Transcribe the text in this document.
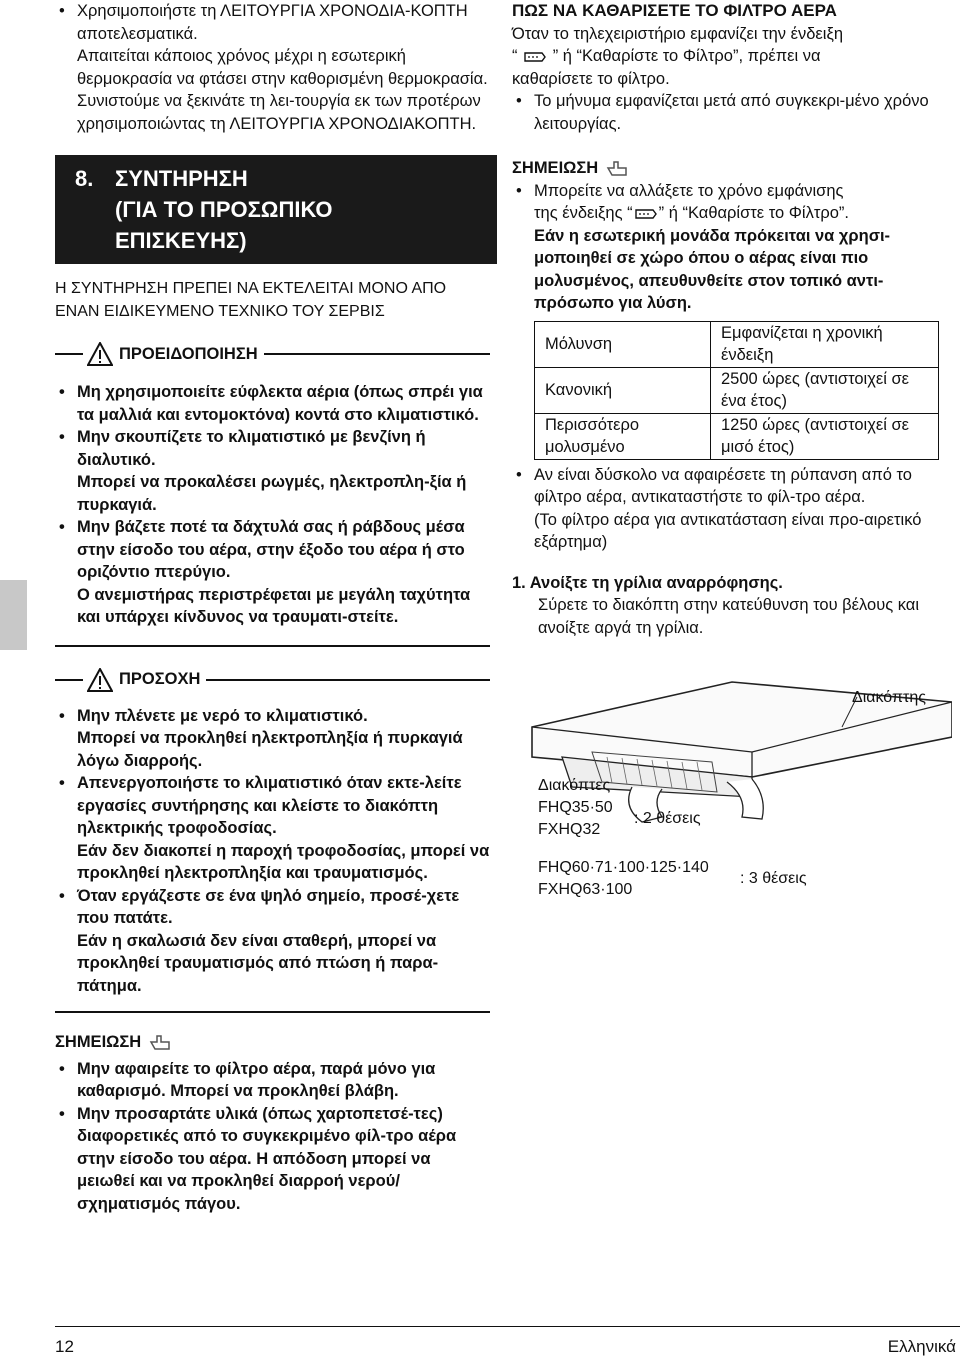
• Χρησιμοποιήστε τη ΛΕΙΤΟΥΡΓΙΑ ΧΡΟΝΟΔΙΑ-ΚΟΠΤΗ αποτελεσματικά.
Απαιτείται κάποιος χρόνος μέχρι η εσωτερική θερμοκρασία να φτάσει στην καθορισμένη θερμοκρασία. Συνιστούμε να ξεκινάτε τη λει-τουργία εκ των προτέρων χρησιμοποιώντας τη ΛΕΙΤΟΥΡΓΙΑ ΧΡΟΝΟΔΙΑΚΟΠΤΗ.
8. ΣΥΝΤΗΡΗΣΗ
(ΓΙΑ ΤΟ ΠΡΟΣΩΠΙΚΟ
ΕΠΙΣΚΕΥΗΣ)
Η ΣΥΝΤΗΡΗΣΗ ΠΡΕΠΕΙ ΝΑ ΕΚΤΕΛΕΙΤΑΙ ΜΟΝΟ ΑΠΟ ΕΝΑΝ ΕΙΔΙΚΕΥΜΕΝΟ ΤΕΧΝΙΚΟ ΤΟΥ ΣΕΡΒΙΣ
ΠΡΟΕΙΔΟΠΟΙΗΣΗ
• Μη χρησιμοποιείτε εύφλεκτα αέρια (όπως σπρέι για τα μαλλιά και εντομοκτόνα) κοντά στο κλιματιστικό.
• Μην σκουπίζετε το κλιματιστικό με βενζίνη ή διαλυτικό.
Μπορεί να προκαλέσει ρωγμές, ηλεκτροπλη-ξία ή πυρκαγιά.
• Μην βάζετε ποτέ τα δάχτυλά σας ή ράβδους μέσα στην είσοδο του αέρα, στην έξοδο του αέρα ή στο οριζόντιο πτερύγιο.
Ο ανεμιστήρας περιστρέφεται με μεγάλη ταχύτητα και υπάρχει κίνδυνος να τραυματι-στείτε.
ΠΡΟΣΟΧΗ
• Μην πλένετε με νερό το κλιματιστικό.
Μπορεί να προκληθεί ηλεκτροπληξία ή πυρκαγιά λόγω διαρροής.
• Απενεργοποιήστε το κλιματιστικό όταν εκτε-λείτε εργασίες συντήρησης και κλείστε το διακόπτη ηλεκτρικής τροφοδοσίας.
Εάν δεν διακοπεί η παροχή τροφοδοσίας, μπορεί να προκληθεί ηλεκτροπληξία και τραυματισμός.
• Όταν εργάζεστε σε ένα ψηλό σημείο, προσέ-χετε που πατάτε.
Εάν η σκαλωσιά δεν είναι σταθερή, μπορεί να προκληθεί τραυματισμός από πτώση ή παρα-πάτημα.
ΣΗΜΕΙΩΣΗ
• Μην αφαιρείτε το φίλτρο αέρα, παρά μόνο για καθαρισμό. Μπορεί να προκληθεί βλάβη.
• Μην προσαρτάτε υλικά (όπως χαρτοπετσέ-τες) διαφορετικές από το συγκεκριμένο φίλ-τρο αέρα στην είσοδο του αέρα. Η απόδοση μπορεί να μειωθεί και να προκληθεί διαρροή νερού/σχηματισμός πάγου.
ΠΩΣ ΝΑ ΚΑΘΑΡΙΣΕΤΕ ΤΟ ΦΙΛΤΡΟ ΑΕΡΑ
Όταν το τηλεχειριστήριο εμφανίζει την ένδειξη
“ ” ή “Καθαρίστε το Φίλτρο”, πρέπει να
καθαρίσετε το φίλτρο.
• Το μήνυμα εμφανίζεται μετά από συγκεκρι-μένο χρόνο λειτουργίας.
ΣΗΜΕΙΩΣΗ
• Μπορείτε να αλλάξετε το χρόνο εμφάνισης
της ένδειξης “ ” ή “Καθαρίστε το Φίλτρο”.
Εάν η εσωτερική μονάδα πρόκειται να χρησι-μοποιηθεί σε χώρο όπου ο αέρας είναι πιο μολυσμένος, απευθυνθείτε στον τοπικό αντι-πρόσωπο για λύση.
Μόλυνση	Εμφανίζεται η χρονική ένδειξη
Κανονική	2500 ώρες (αντιστοιχεί σε ένα έτος)
Περισσότερο μολυσμένο	1250 ώρες (αντιστοιχεί σε μισό έτος)
• Αν είναι δύσκολο να αφαιρέσετε τη ρύπανση από το φίλτρο αέρα, αντικαταστήστε το φίλ-τρο αέρα.
(Το φίλτρο αέρα για αντικατάσταση είναι προ-αιρετικό εξάρτημα)
1. Ανοίξτε τη γρίλια αναρρόφησης.
Σύρετε το διακόπτη στην κατεύθυνση του βέλους και ανοίξτε αργά τη γρίλια.
Διακόπτης
Διακόπτες
FHQ35·50
FXHQ32
: 2 θέσεις
FHQ60·71·100·125·140
FXHQ63·100
: 3 θέσεις
12	Ελληνικά
